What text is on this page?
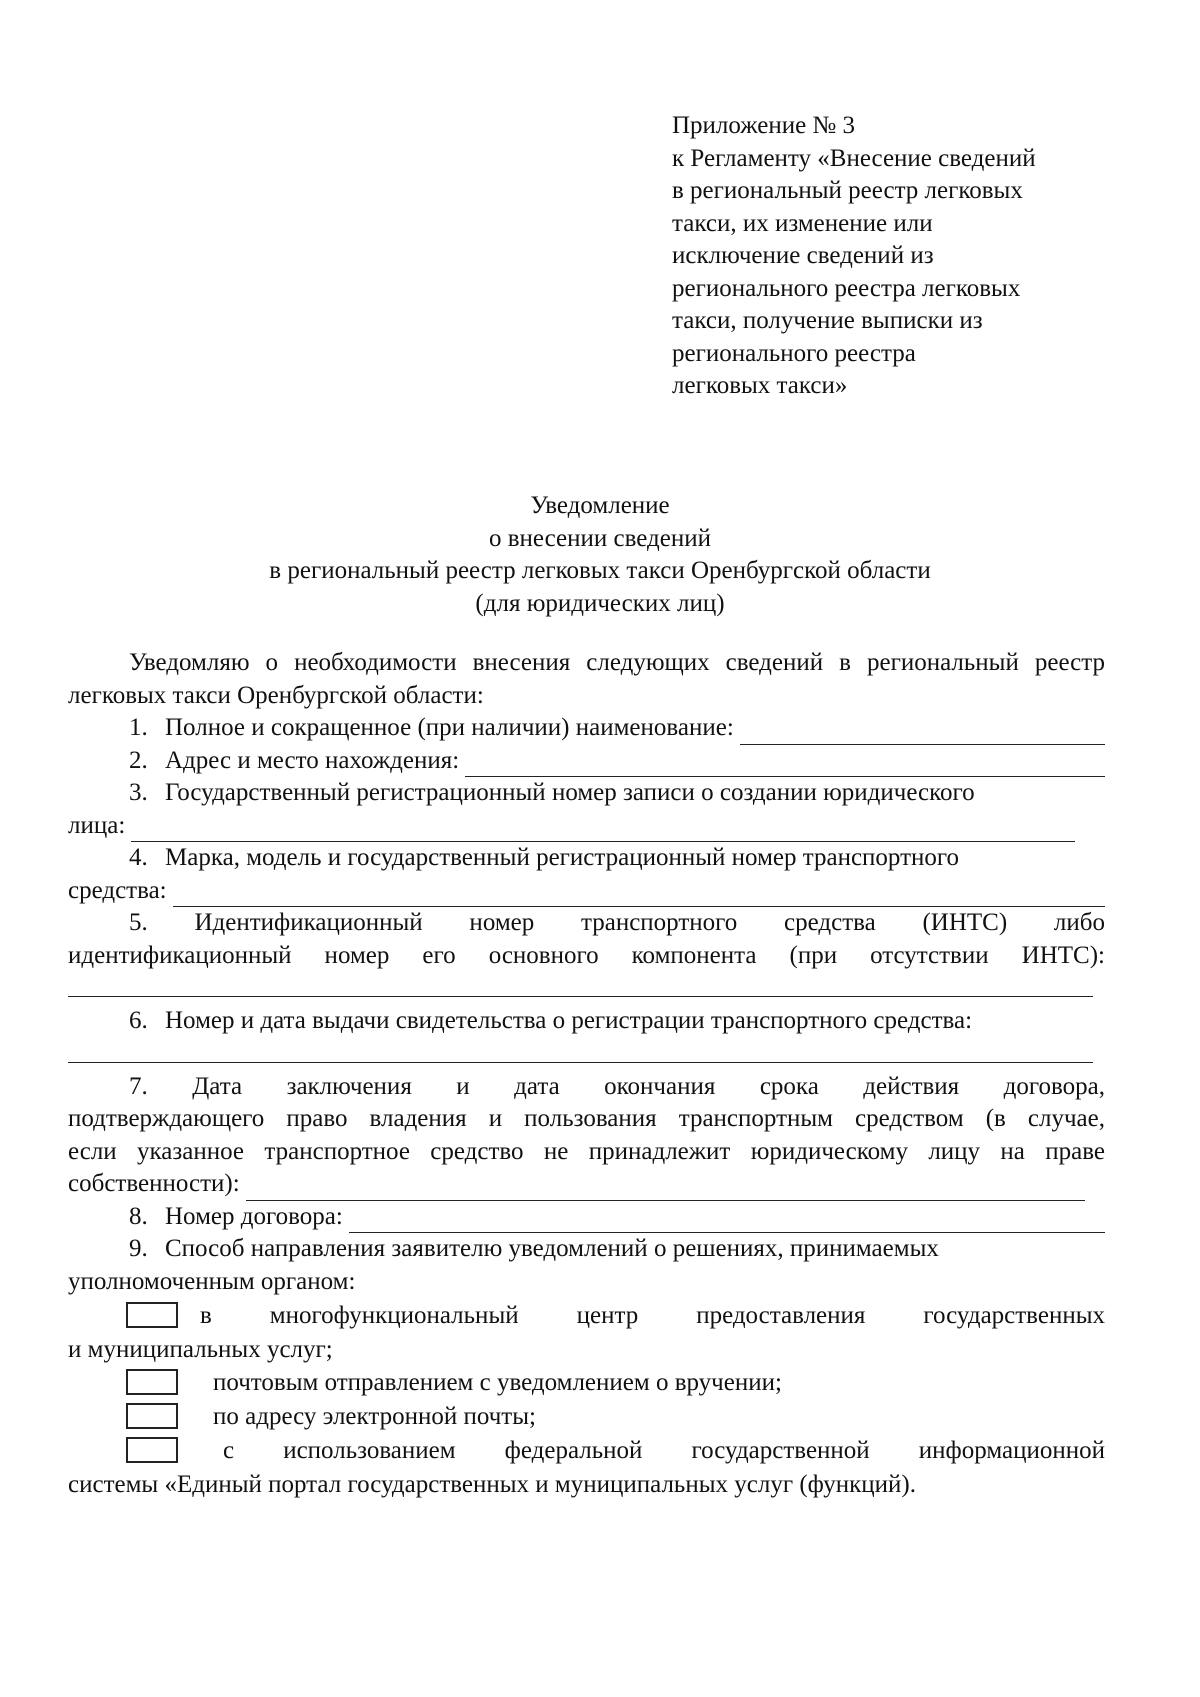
Приложение № 3
к Регламенту «Внесение сведений
в региональный реестр легковых
такси, их изменение или
исключение сведений из
регионального реестра легковых
такси, получение выписки из
регионального реестра
легковых такси»
Уведомление
о внесении сведений
в региональный реестр легковых такси Оренбургской области
(для юридических лиц)

Уведомляю о необходимости внесения следующих сведений в региональный реестр легковых такси Оренбургской области:

1. Полное и сокращенное (при наличии) наименование:
2. Адрес и место нахождения:
3. Государственный регистрационный номер записи о создании юридического
лица:
4. Марка, модель и государственный регистрационный номер транспортного
средства:
5. Идентификационный номер транспортного средства (ИНТС) либо
идентификационный номер его основного компонента (при отсутствии ИНТС):
6. Номер и дата выдачи свидетельства о регистрации транспортного средства:
7. Дата заключения и дата окончания срока действия договора,
подтверждающего право владения и пользования транспортным средством (в случае,
если указанное транспортное средство не принадлежит юридическому лицу на праве
собственности):
8. Номер договора:
9. Способ направления заявителю уведомлений о решениях, принимаемых
уполномоченным органом:
в многофункциональный центр предоставления государственных
и муниципальных услуг;
почтовым отправлением с уведомлением о вручении;
по адресу электронной почты;
с использованием федеральной государственной информационной
системы «Единый портал государственных и муниципальных услуг (функций).
